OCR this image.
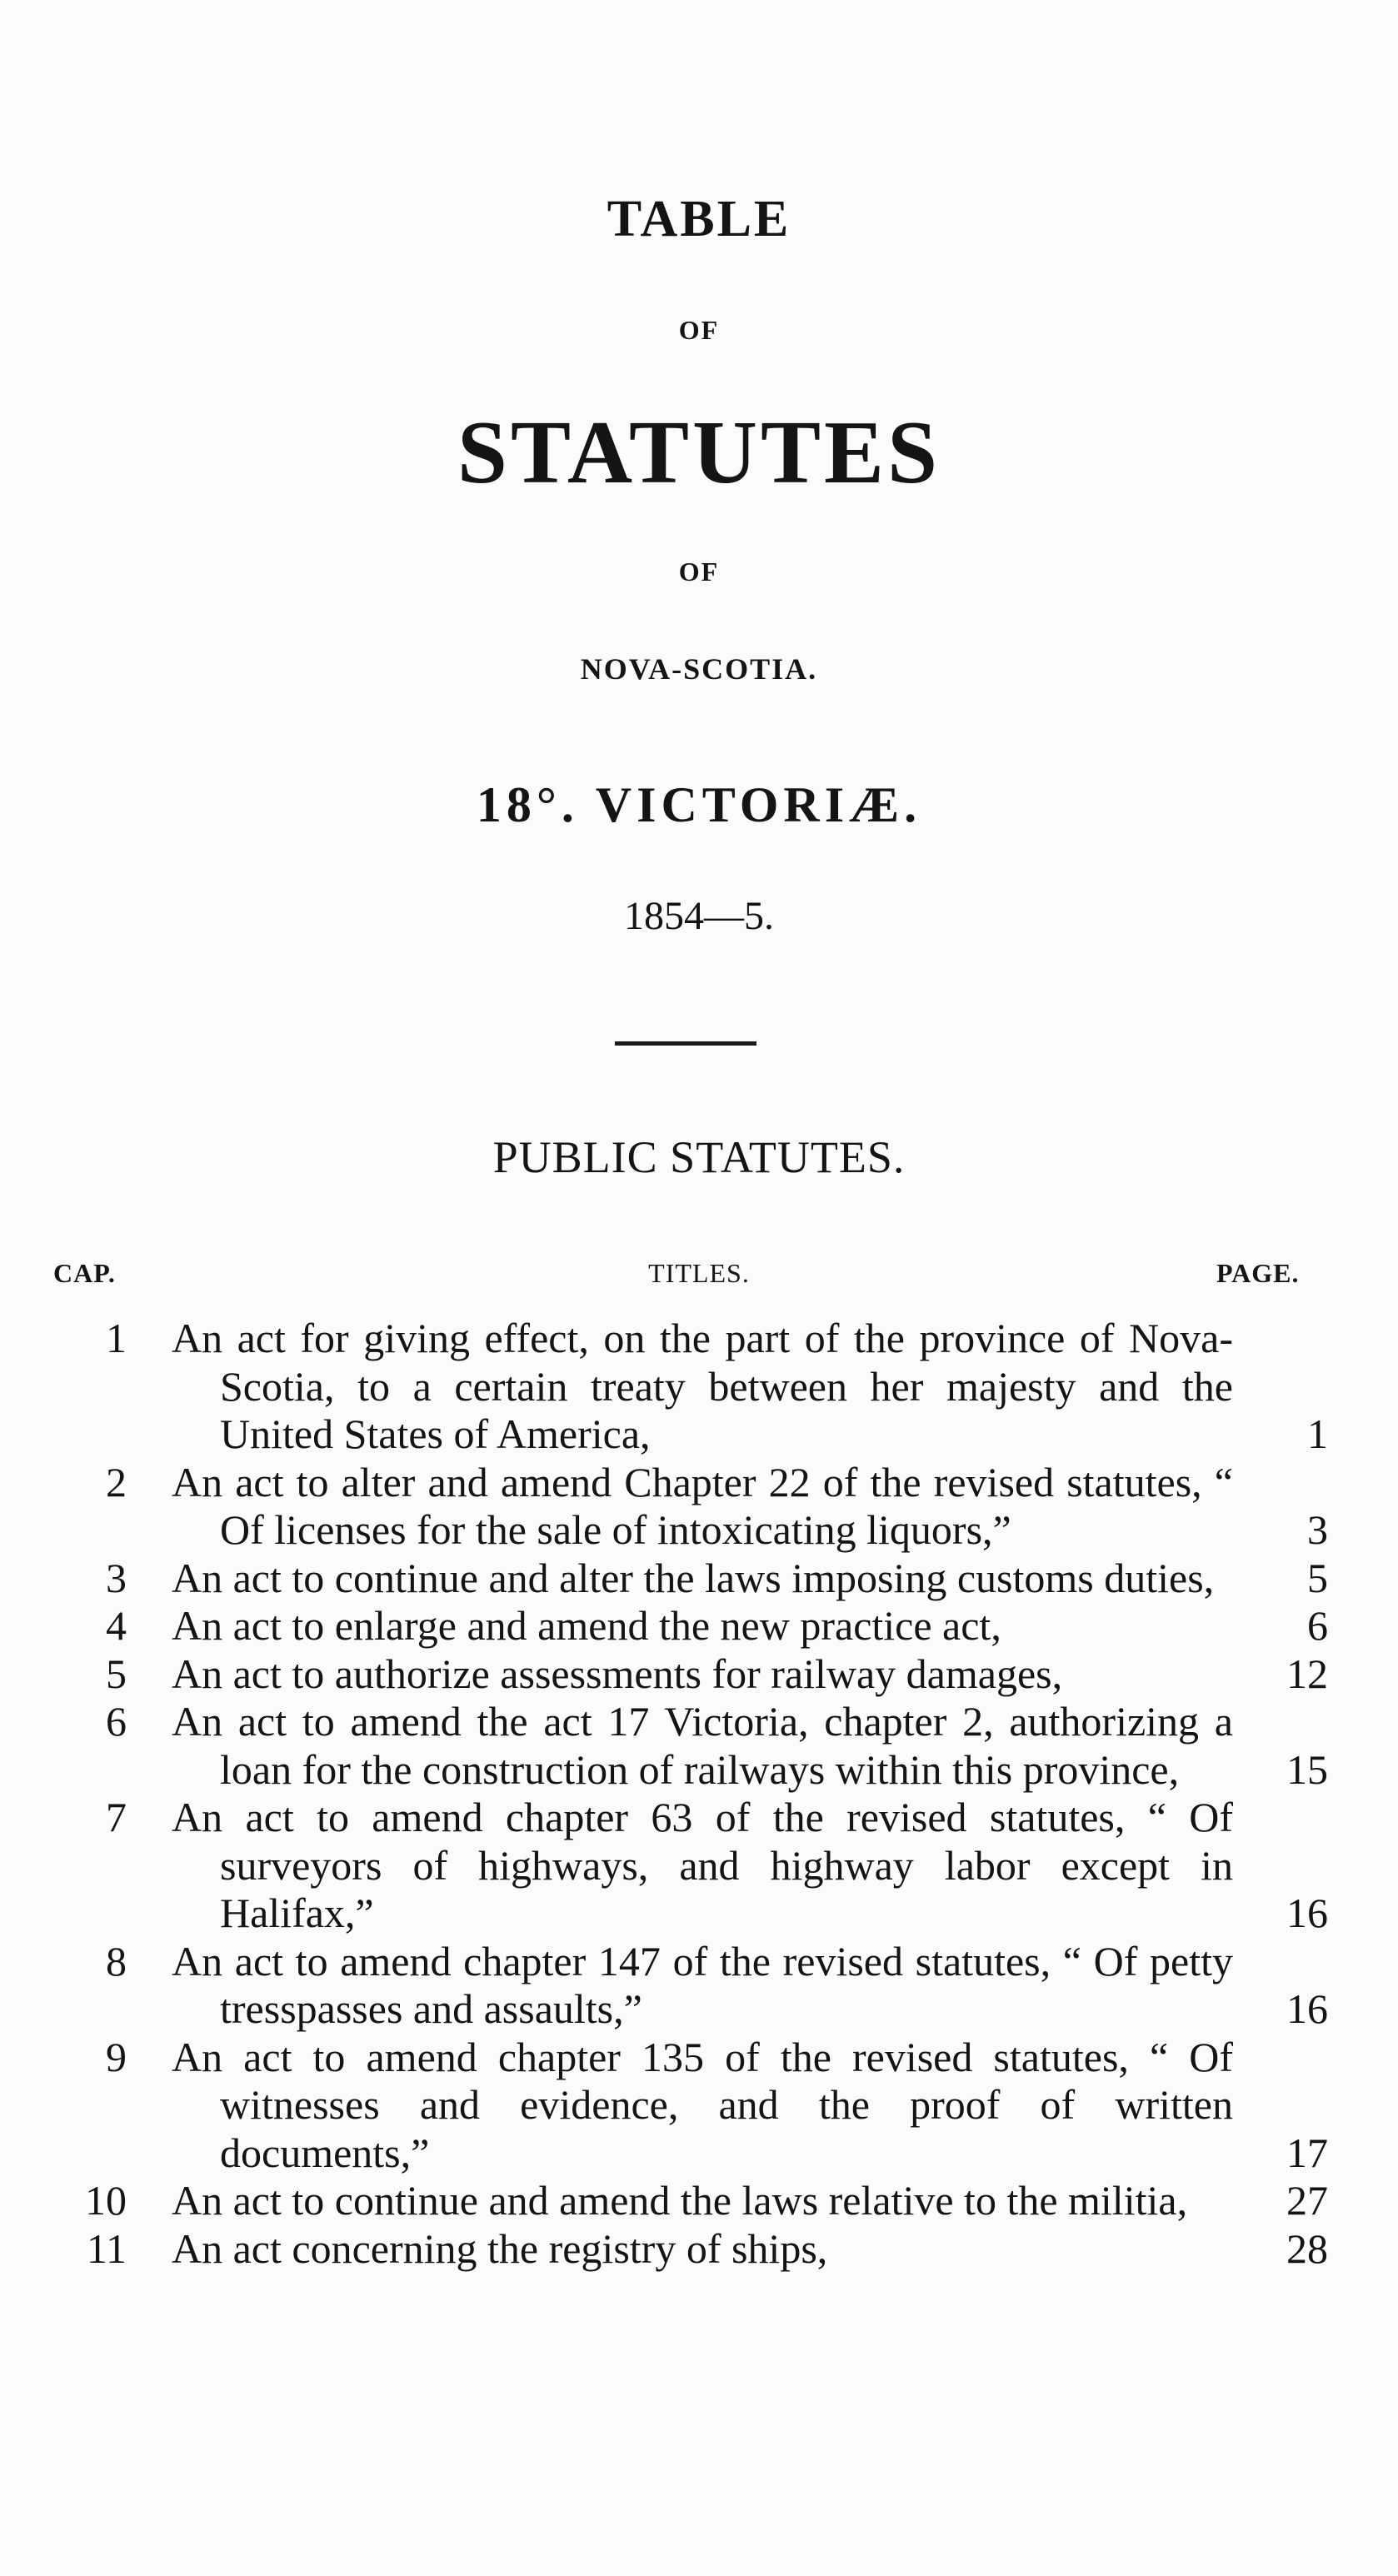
TABLE

OF

STATUTES

OF

NOVA-SCOTIA.

18°. VICTORIÆ.

1854—5.

PUBLIC STATUTES.

CAP.	TITLES.	PAGE.
1 An act for giving effect, on the part of the province of Nova-Scotia, to a certain treaty between her majesty and the United States of America,	1
2 An act to alter and amend Chapter 22 of the revised statutes, “ Of licenses for the sale of intoxicating liquors,”	3
3 An act to continue and alter the laws imposing customs duties,	5
4 An act to enlarge and amend the new practice act,	6
5 An act to authorize assessments for railway damages,	12
6 An act to amend the act 17 Victoria, chapter 2, authorizing a loan for the construction of railways within this province,	15
7 An act to amend chapter 63 of the revised statutes, “ Of surveyors of highways, and highway labor except in Halifax,”	16
8 An act to amend chapter 147 of the revised statutes, “ Of petty tresspasses and assaults,”	16
9 An act to amend chapter 135 of the revised statutes, “ Of witnesses and evidence, and the proof of written documents,”	17
10 An act to continue and amend the laws relative to the militia,	27
11 An act concerning the registry of ships,	28
